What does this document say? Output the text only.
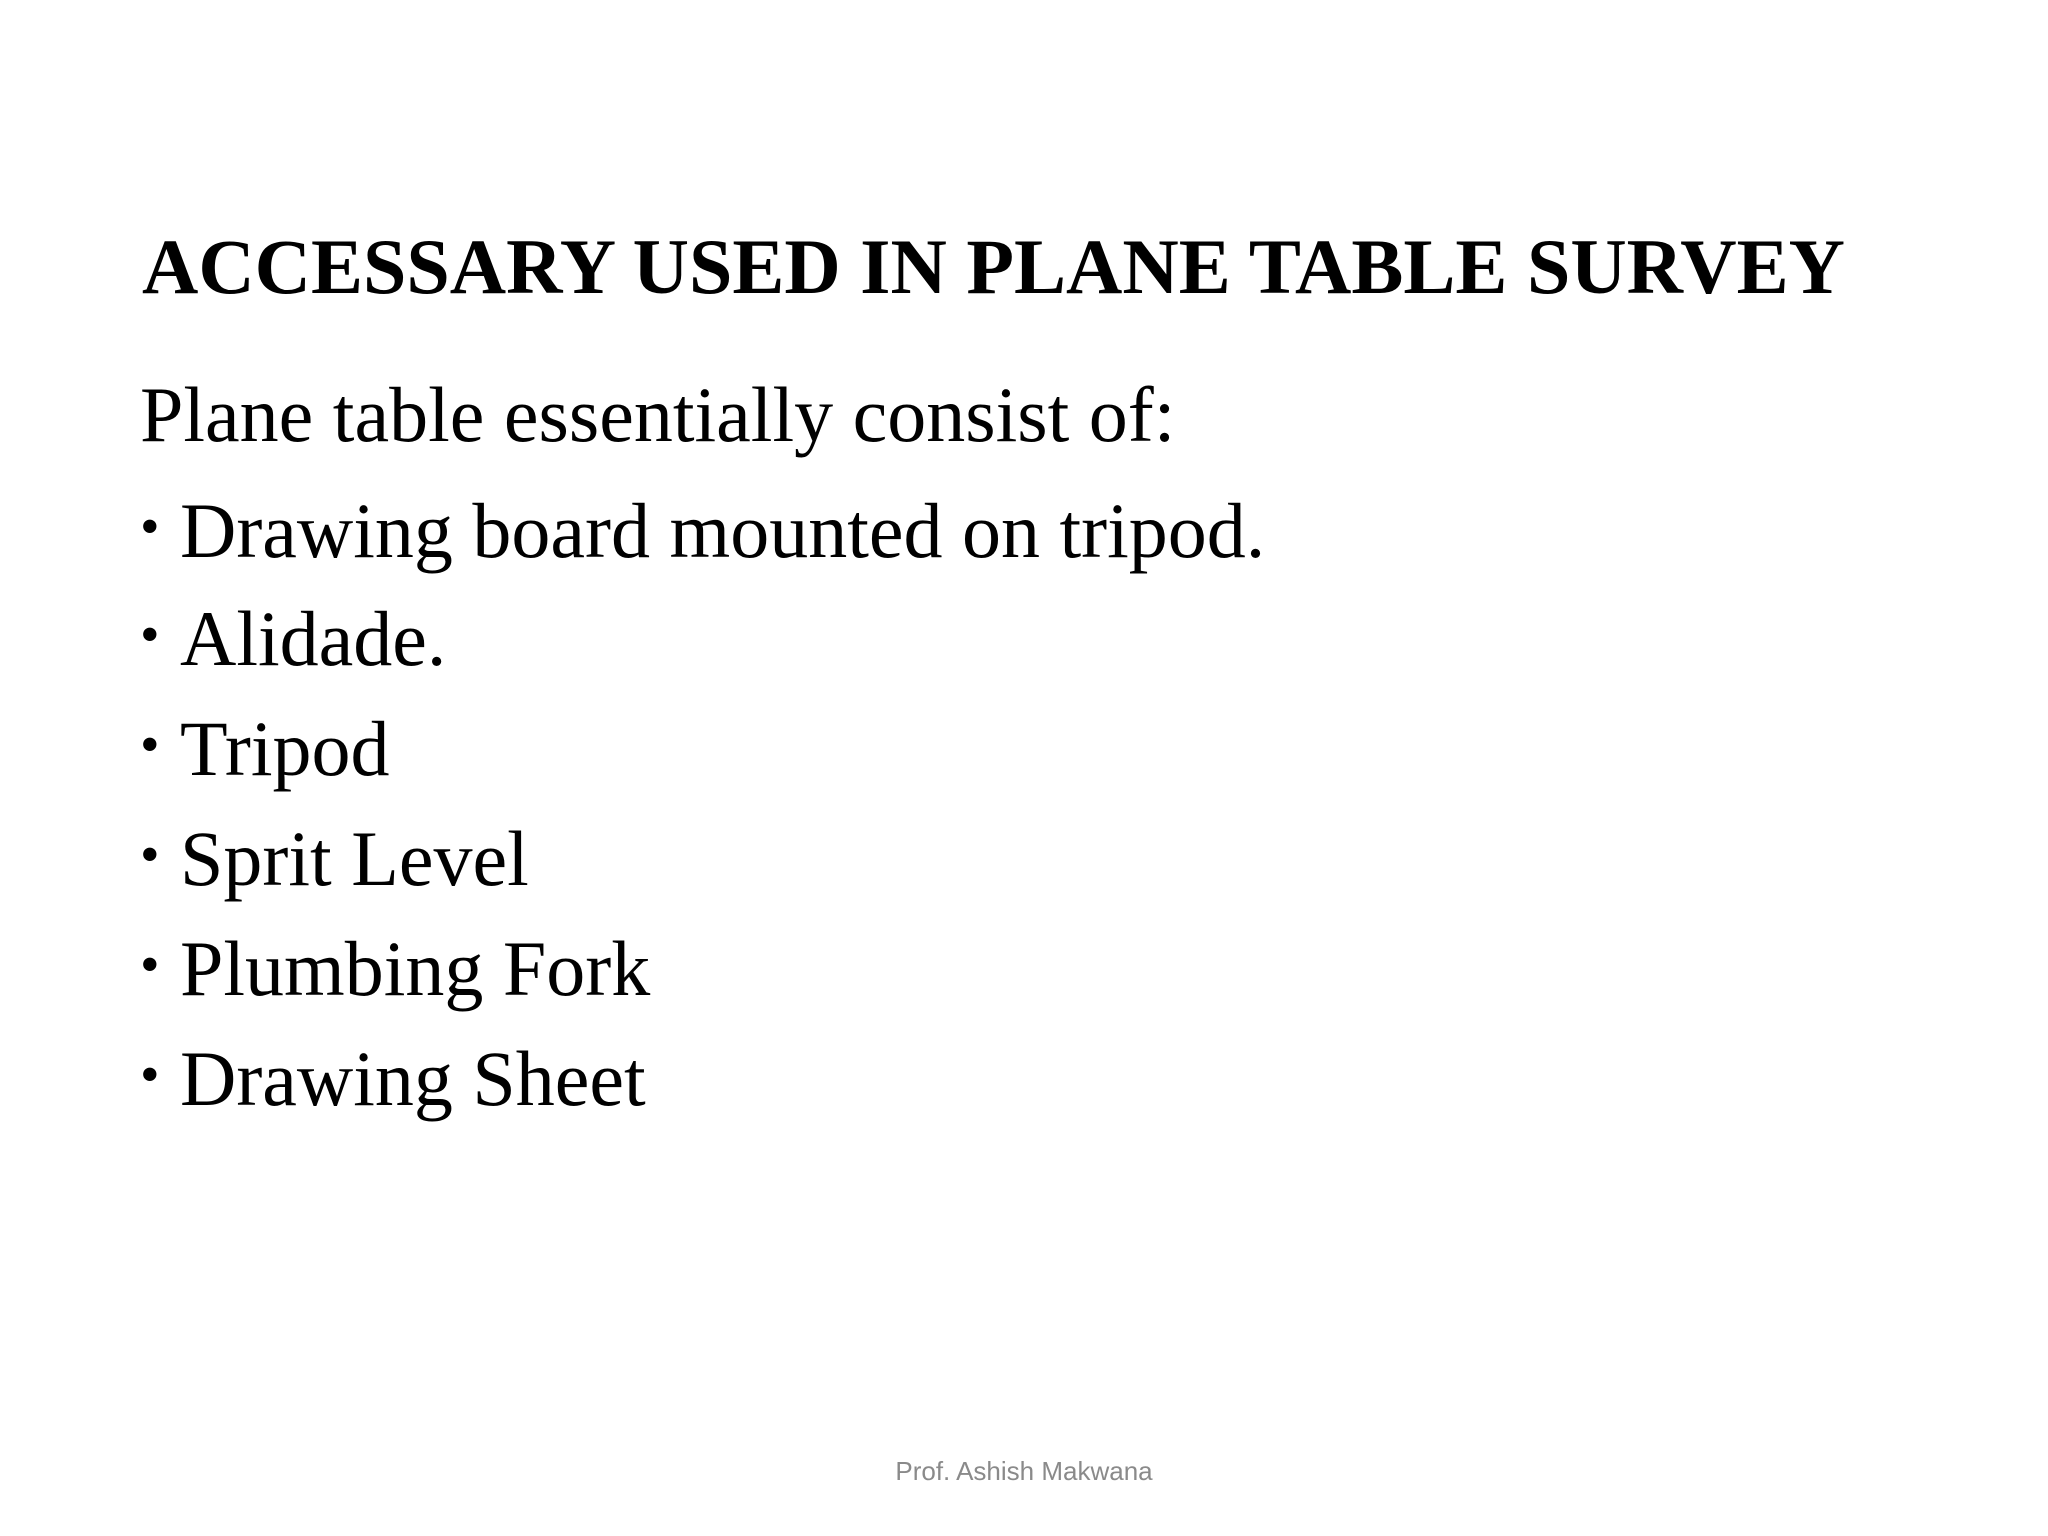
ACCESSARY USED IN PLANE TABLE SURVEY

Plane table essentially consist of:

• Drawing board mounted on tripod.
• Alidade.
• Tripod
• Sprit Level
• Plumbing Fork
• Drawing Sheet

Prof. Ashish Makwana
